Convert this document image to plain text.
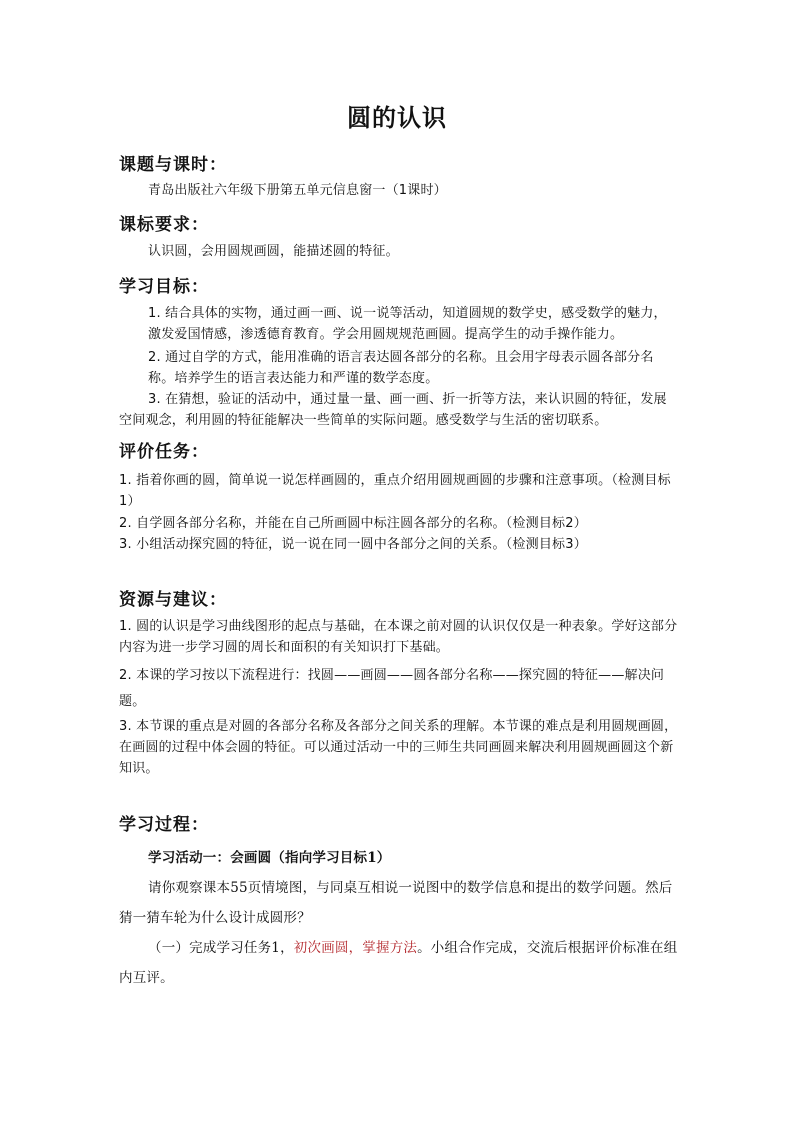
圆的认识
课题与课时：
青岛出版社六年级下册第五单元信息窗一（1课时）
课标要求：
认识圆，会用圆规画圆，能描述圆的特征。
学习目标：
1. 结合具体的实物，通过画一画、说一说等活动，知道圆规的数学史，感受数学的魅力，激发爱国情感，渗透德育教育。学会用圆规规范画圆。提高学生的动手操作能力。
2. 通过自学的方式，能用准确的语言表达圆各部分的名称。且会用字母表示圆各部分名称。培养学生的语言表达能力和严谨的数学态度。
3. 在猜想，验证的活动中，通过量一量、画一画、折一折等方法，来认识圆的特征，发展空间观念，利用圆的特征能解决一些简单的实际问题。感受数学与生活的密切联系。
评价任务：
1. 指着你画的圆，简单说一说怎样画圆的，重点介绍用圆规画圆的步骤和注意事项。（检测目标1）
2. 自学圆各部分名称，并能在自己所画圆中标注圆各部分的名称。（检测目标2）
3. 小组活动探究圆的特征，说一说在同一圆中各部分之间的关系。（检测目标3）
资源与建议：
1. 圆的认识是学习曲线图形的起点与基础，在本课之前对圆的认识仅仅是一种表象。学好这部分内容为进一步学习圆的周长和面积的有关知识打下基础。
2. 本课的学习按以下流程进行：找圆——画圆——圆各部分名称——探究圆的特征——解决问题。
3. 本节课的重点是对圆的各部分名称及各部分之间关系的理解。本节课的难点是利用圆规画圆，在画圆的过程中体会圆的特征。可以通过活动一中的三师生共同画圆来解决利用圆规画圆这个新知识。
学习过程：
学习活动一：会画圆（指向学习目标1）
请你观察课本55页情境图，与同桌互相说一说图中的数学信息和提出的数学问题。然后猜一猜车轮为什么设计成圆形？
（一）完成学习任务1，初次画圆，掌握方法。小组合作完成，交流后根据评价标准在组内互评。
